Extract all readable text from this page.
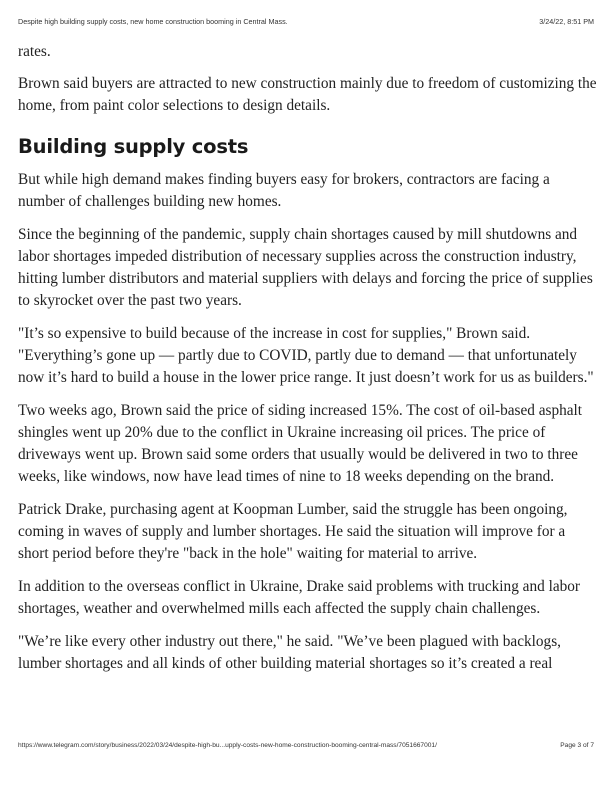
Despite high building supply costs, new home construction booming in Central Mass.	3/24/22, 8:51 PM

rates.

Brown said buyers are attracted to new construction mainly due to freedom of customizing the home, from paint color selections to design details.

Building supply costs

But while high demand makes finding buyers easy for brokers, contractors are facing a number of challenges building new homes.

Since the beginning of the pandemic, supply chain shortages caused by mill shutdowns and labor shortages impeded distribution of necessary supplies across the construction industry, hitting lumber distributors and material suppliers with delays and forcing the price of supplies to skyrocket over the past two years.

"It’s so expensive to build because of the increase in cost for supplies," Brown said. "Everything’s gone up — partly due to COVID, partly due to demand — that unfortunately now it’s hard to build a house in the lower price range. It just doesn’t work for us as builders."

Two weeks ago, Brown said the price of siding increased 15%. The cost of oil-based asphalt shingles went up 20% due to the conflict in Ukraine increasing oil prices. The price of driveways went up. Brown said some orders that usually would be delivered in two to three weeks, like windows, now have lead times of nine to 18 weeks depending on the brand.

Patrick Drake, purchasing agent at Koopman Lumber, said the struggle has been ongoing, coming in waves of supply and lumber shortages. He said the situation will improve for a short period before they're "back in the hole" waiting for material to arrive.

In addition to the overseas conflict in Ukraine, Drake said problems with trucking and labor shortages, weather and overwhelmed mills each affected the supply chain challenges.

"We’re like every other industry out there," he said. "We’ve been plagued with backlogs, lumber shortages and all kinds of other building material shortages so it’s created a real

https://www.telegram.com/story/business/2022/03/24/despite-high-bu...upply-costs-new-home-construction-booming-central-mass/7051667001/	Page 3 of 7
